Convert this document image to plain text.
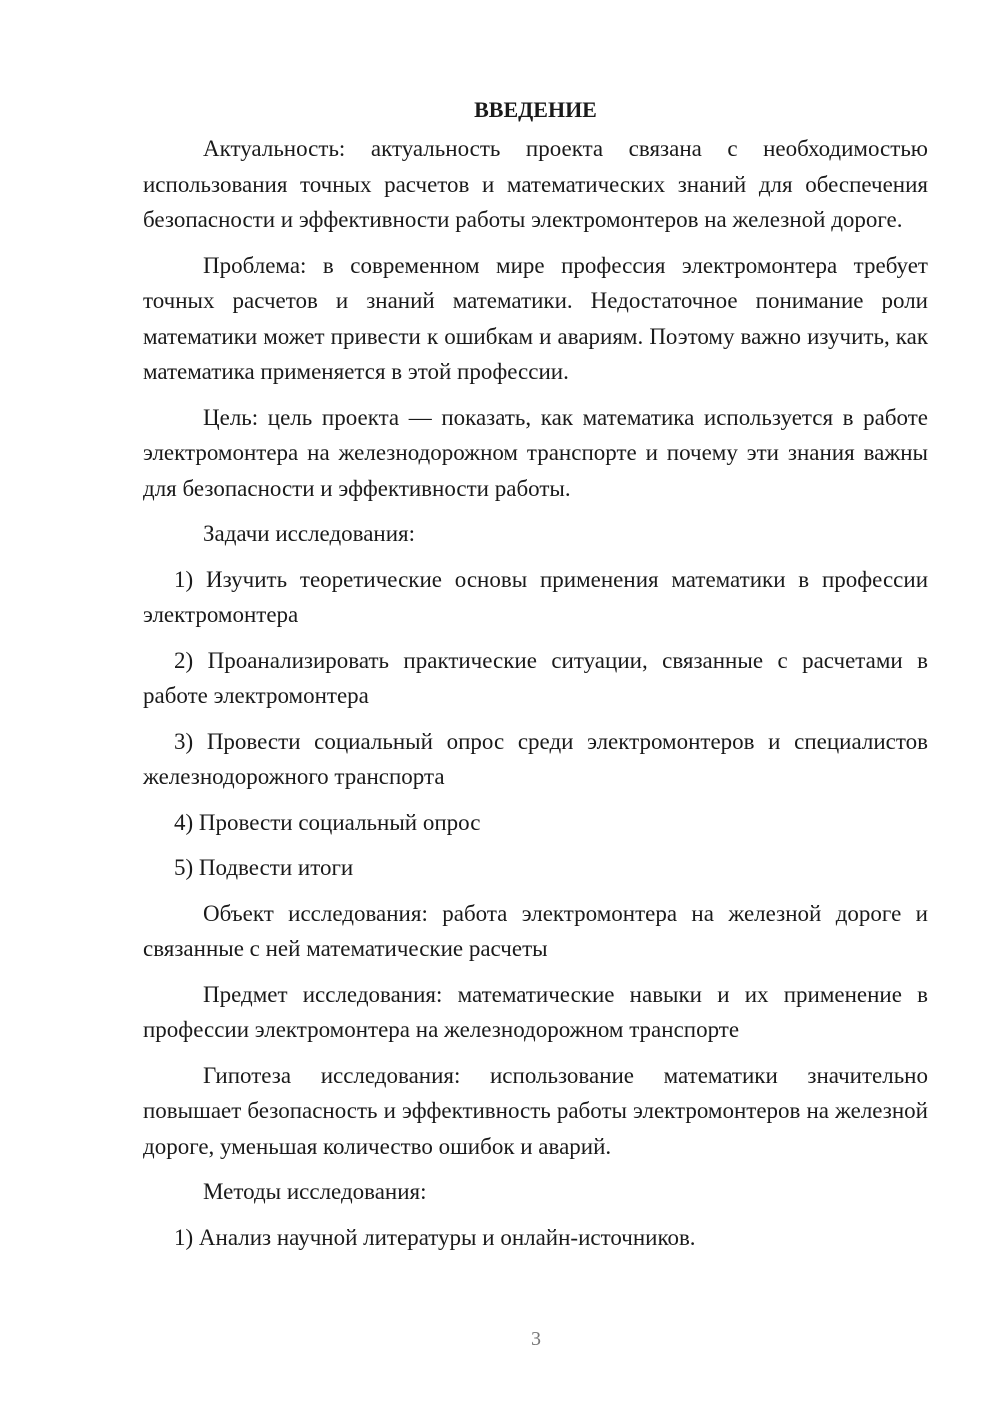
ВВЕДЕНИЕ

Актуальность: актуальность проекта связана с необходимостью использования точных расчетов и математических знаний для обеспечения безопасности и эффективности работы электромонтеров на железной дороге.

Проблема: в современном мире профессия электромонтера требует точных расчетов и знаний математики. Недостаточное понимание роли математики может привести к ошибкам и авариям. Поэтому важно изучить, как математика применяется в этой профессии.

Цель: цель проекта — показать, как математика используется в работе электромонтера на железнодорожном транспорте и почему эти знания важны для безопасности и эффективности работы.

Задачи исследования:

1) Изучить теоретические основы применения математики в профессии электромонтера

2) Проанализировать практические ситуации, связанные с расчетами в работе электромонтера

3) Провести социальный опрос среди электромонтеров и специалистов железнодорожного транспорта

4) Провести социальный опрос

5) Подвести итоги

Объект исследования: работа электромонтера на железной дороге и связанные с ней математические расчеты

Предмет исследования: математические навыки и их применение в профессии электромонтера на железнодорожном транспорте

Гипотеза исследования: использование математики значительно повышает безопасность и эффективность работы электромонтеров на железной дороге, уменьшая количество ошибок и аварий.

Методы исследования:

1) Анализ научной литературы и онлайн-источников.

3
